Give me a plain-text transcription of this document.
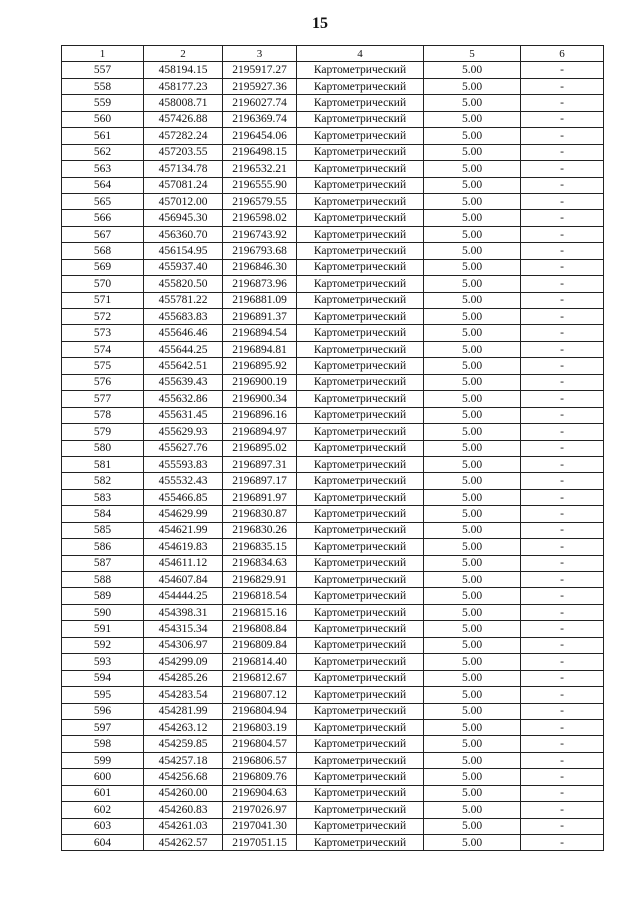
15
1	2	3	4	5	6
557	458194.15	2195917.27	Картометрический	5.00	-
558	458177.23	2195927.36	Картометрический	5.00	-
559	458008.71	2196027.74	Картометрический	5.00	-
560	457426.88	2196369.74	Картометрический	5.00	-
561	457282.24	2196454.06	Картометрический	5.00	-
562	457203.55	2196498.15	Картометрический	5.00	-
563	457134.78	2196532.21	Картометрический	5.00	-
564	457081.24	2196555.90	Картометрический	5.00	-
565	457012.00	2196579.55	Картометрический	5.00	-
566	456945.30	2196598.02	Картометрический	5.00	-
567	456360.70	2196743.92	Картометрический	5.00	-
568	456154.95	2196793.68	Картометрический	5.00	-
569	455937.40	2196846.30	Картометрический	5.00	-
570	455820.50	2196873.96	Картометрический	5.00	-
571	455781.22	2196881.09	Картометрический	5.00	-
572	455683.83	2196891.37	Картометрический	5.00	-
573	455646.46	2196894.54	Картометрический	5.00	-
574	455644.25	2196894.81	Картометрический	5.00	-
575	455642.51	2196895.92	Картометрический	5.00	-
576	455639.43	2196900.19	Картометрический	5.00	-
577	455632.86	2196900.34	Картометрический	5.00	-
578	455631.45	2196896.16	Картометрический	5.00	-
579	455629.93	2196894.97	Картометрический	5.00	-
580	455627.76	2196895.02	Картометрический	5.00	-
581	455593.83	2196897.31	Картометрический	5.00	-
582	455532.43	2196897.17	Картометрический	5.00	-
583	455466.85	2196891.97	Картометрический	5.00	-
584	454629.99	2196830.87	Картометрический	5.00	-
585	454621.99	2196830.26	Картометрический	5.00	-
586	454619.83	2196835.15	Картометрический	5.00	-
587	454611.12	2196834.63	Картометрический	5.00	-
588	454607.84	2196829.91	Картометрический	5.00	-
589	454444.25	2196818.54	Картометрический	5.00	-
590	454398.31	2196815.16	Картометрический	5.00	-
591	454315.34	2196808.84	Картометрический	5.00	-
592	454306.97	2196809.84	Картометрический	5.00	-
593	454299.09	2196814.40	Картометрический	5.00	-
594	454285.26	2196812.67	Картометрический	5.00	-
595	454283.54	2196807.12	Картометрический	5.00	-
596	454281.99	2196804.94	Картометрический	5.00	-
597	454263.12	2196803.19	Картометрический	5.00	-
598	454259.85	2196804.57	Картометрический	5.00	-
599	454257.18	2196806.57	Картометрический	5.00	-
600	454256.68	2196809.76	Картометрический	5.00	-
601	454260.00	2196904.63	Картометрический	5.00	-
602	454260.83	2197026.97	Картометрический	5.00	-
603	454261.03	2197041.30	Картометрический	5.00	-
604	454262.57	2197051.15	Картометрический	5.00	-
